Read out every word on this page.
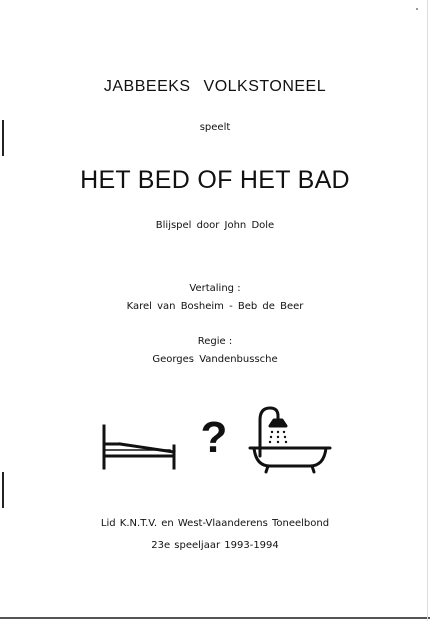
JABBEEKS VOLKSTONEEL
speelt
HET BED OF HET BAD
Blijspel door John Dole
Vertaling :
Karel van Bosheim - Beb de Beer
Regie :
Georges Vandenbussche
?
Lid K.N.T.V. en West-Vlaanderens Toneelbond
23e speeljaar 1993-1994
